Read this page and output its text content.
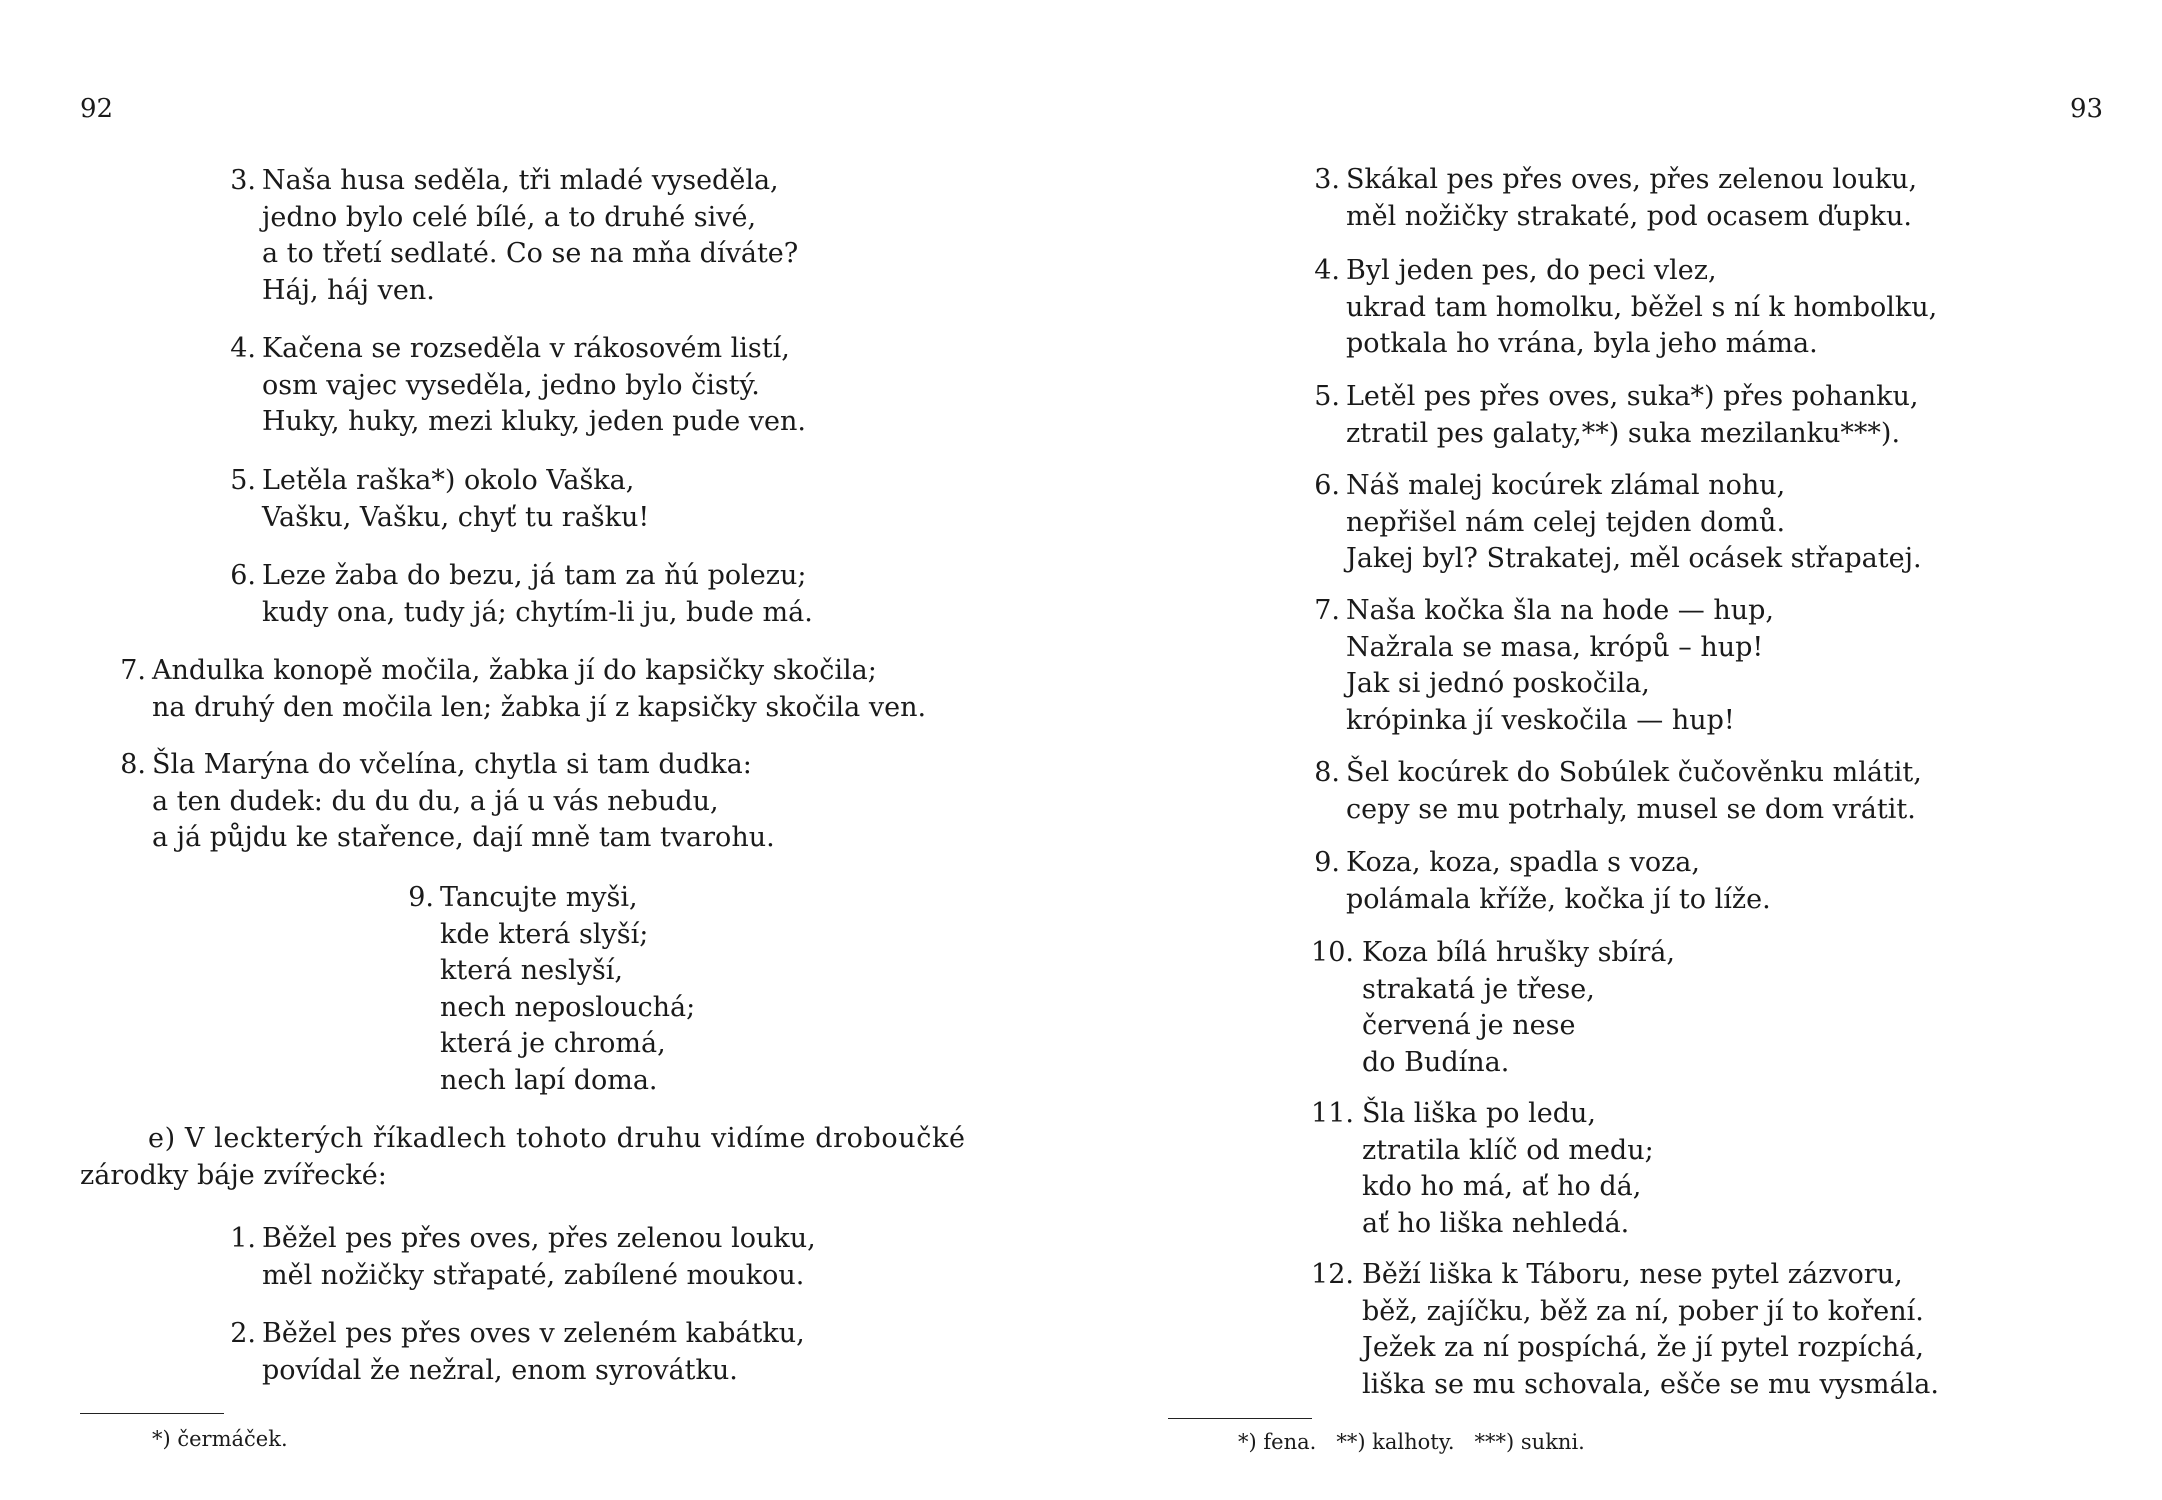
92
3. Naša husa seděla, tři mladé vyseděla,
jedno bylo celé bílé, a to druhé sivé,
a to třetí sedlaté. Co se na mňa díváte?
Háj, háj ven.
4. Kačena se rozseděla v rákosovém listí,
osm vajec vyseděla, jedno bylo čistý.
Huky, huky, mezi kluky, jeden pude ven.
5. Letěla raška*) okolo Vaška,
Vašku, Vašku, chyť tu rašku!
6. Leze žaba do bezu, já tam za ňú polezu;
kudy ona, tudy já; chytím-li ju, bude má.
7. Andulka konopě močila, žabka jí do kapsičky skočila;
na druhý den močila len; žabka jí z kapsičky skočila ven.
8. Šla Marýna do včelína, chytla si tam dudka:
a ten dudek: du du du, a já u vás nebudu,
a já půjdu ke stařence, dají mně tam tvarohu.
9. Tancujte myši,
kde která slyší;
která neslyší,
nech neposlouchá;
která je chromá,
nech lapí doma.
e) V leckterých říkadlech tohoto druhu vidíme droboučké
zárodky báje zvířecké:
1. Běžel pes přes oves, přes zelenou louku,
měl nožičky střapaté, zabílené moukou.
2. Běžel pes přes oves v zeleném kabátku,
povídal že nežral, enom syrovátku.
*) čermáček.
93
3. Skákal pes přes oves, přes zelenou louku,
měl nožičky strakaté, pod ocasem ďupku.
4. Byl jeden pes, do peci vlez,
ukrad tam homolku, běžel s ní k hombolku,
potkala ho vrána, byla jeho máma.
5. Letěl pes přes oves, suka*) přes pohanku,
ztratil pes galaty,**) suka mezilanku***).
6. Náš malej kocúrek zlámal nohu,
nepřišel nám celej tejden domů.
Jakej byl? Strakatej, měl ocásek střapatej.
7. Naša kočka šla na hode — hup,
Nažrala se masa, krópů – hup!
Jak si jednó poskočila,
krópinka jí veskočila — hup!
8. Šel kocúrek do Sobúlek čučověnku mlátit,
cepy se mu potrhaly, musel se dom vrátit.
9. Koza, koza, spadla s voza,
polámala kříže, kočka jí to líže.
10. Koza bílá hrušky sbírá,
strakatá je třese,
červená je nese
do Budína.
11. Šla liška po ledu,
ztratila klíč od medu;
kdo ho má, ať ho dá,
ať ho liška nehledá.
12. Běží liška k Táboru, nese pytel zázvoru,
běž, zajíčku, běž za ní, pober jí to koření.
Ježek za ní pospíchá, že jí pytel rozpíchá,
liška se mu schovala, ešče se mu vysmála.
*) fena.   **) kalhoty.   ***) sukni.
